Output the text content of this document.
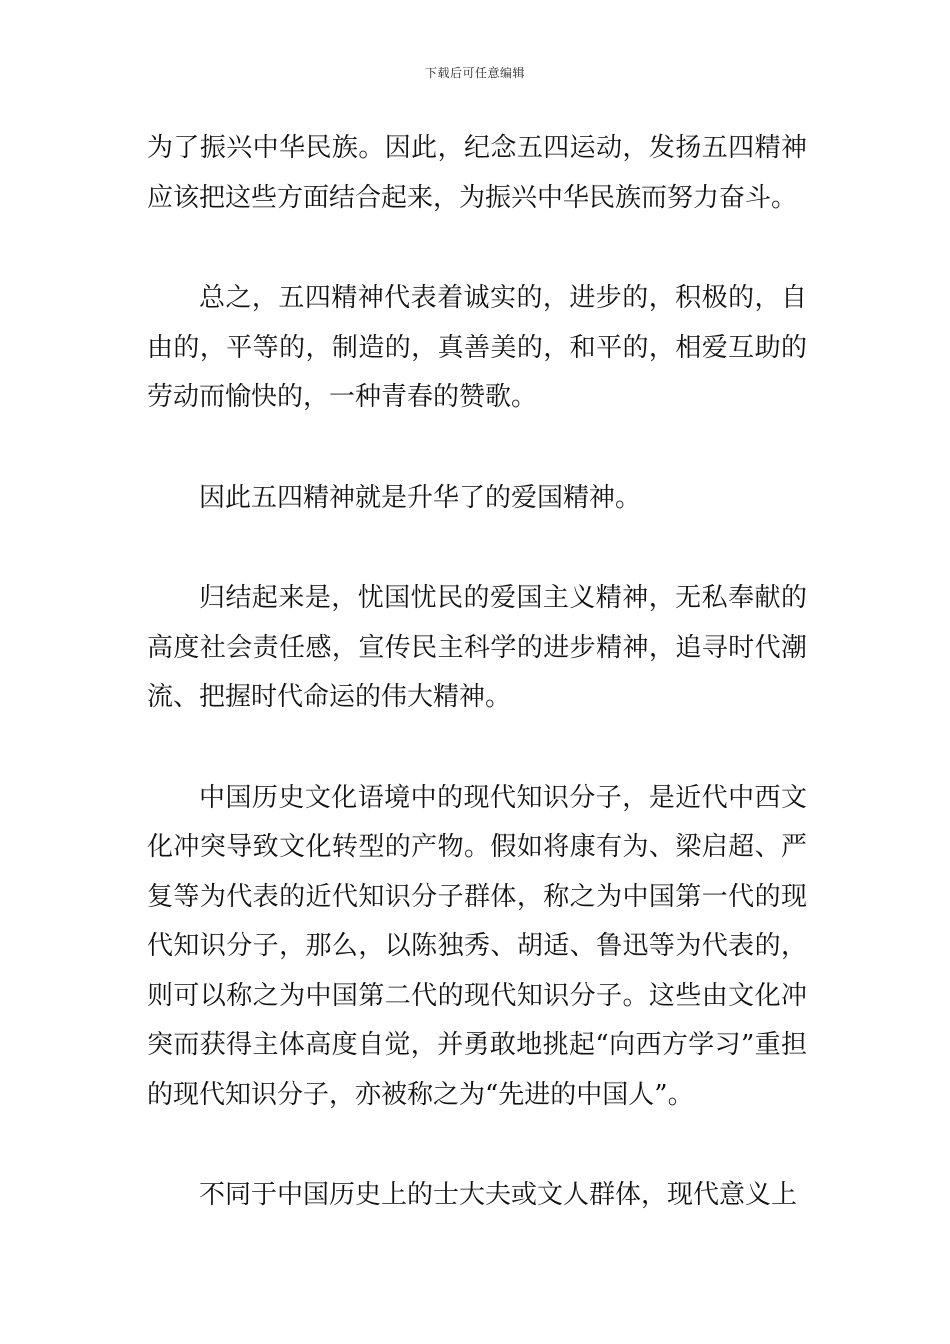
下载后可任意编辑

为了振兴中华民族。因此，纪念五四运动，发扬五四精神应该把这些方面结合起来，为振兴中华民族而努力奋斗。

总之，五四精神代表着诚实的，进步的，积极的，自由的，平等的，制造的，真善美的，和平的，相爱互助的劳动而愉快的，一种青春的赞歌。

因此五四精神就是升华了的爱国精神。

归结起来是，忧国忧民的爱国主义精神，无私奉献的高度社会责任感，宣传民主科学的进步精神，追寻时代潮流、把握时代命运的伟大精神。

中国历史文化语境中的现代知识分子，是近代中西文化冲突导致文化转型的产物。假如将康有为、梁启超、严复等为代表的近代知识分子群体，称之为中国第一代的现代知识分子，那么，以陈独秀、胡适、鲁迅等为代表的，则可以称之为中国第二代的现代知识分子。这些由文化冲突而获得主体高度自觉，并勇敢地挑起“向西方学习”重担的现代知识分子，亦被称之为“先进的中国人”。

不同于中国历史上的士大夫或文人群体，现代意义上
